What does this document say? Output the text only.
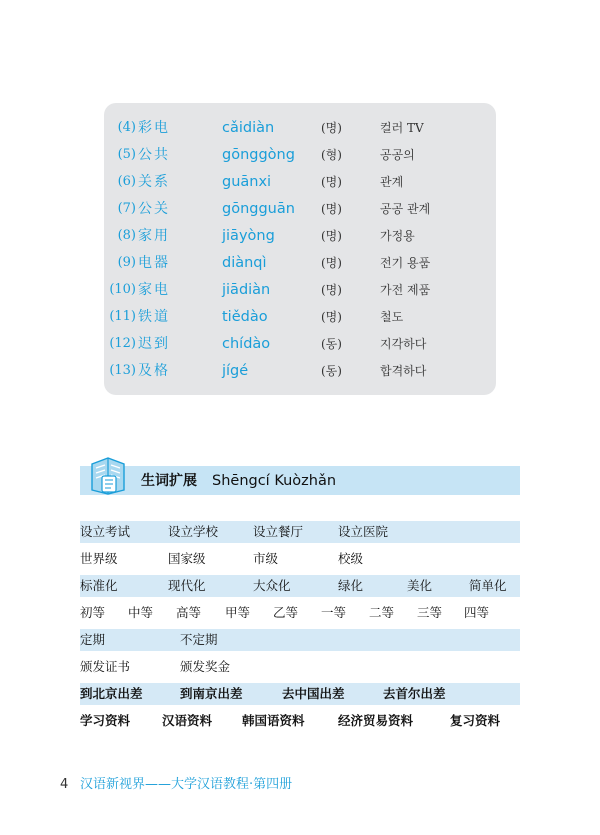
(4) 彩电	cǎidiàn	(명)	컬러 TV
(5) 公共	gōnggòng (형)	공공의
(6) 关系	guānxi	(명)	관계
(7) 公关	gōngguān (명)	공공 관계
(8) 家用	jiāyòng	(명)	가정용
(9) 电器	diànqì	(명)	전기 용품
(10) 家电	jiādiàn	(명)	가전 제품
(11) 铁道	tiědào	(명)	철도
(12) 迟到	chídào	(동)	지각하다
(13) 及格	jígé	(동)	합격하다
生词扩展 Shēngcí Kuòzhǎn
设立考试	设立学校	设立餐厅	设立医院
世界级	国家级	市级	校级
标准化	现代化	大众化	绿化	美化	简单化
初等 中等 高等 甲等 乙等 一等 二等 三等 四等
定期	不定期
颁发证书	颁发奖金
到北京出差	到南京出差	去中国出差	去首尔出差
学习资料	汉语资料 韩国语资料	经济贸易资料	复习资料
4 汉语新视界——大学汉语教程·第四册
